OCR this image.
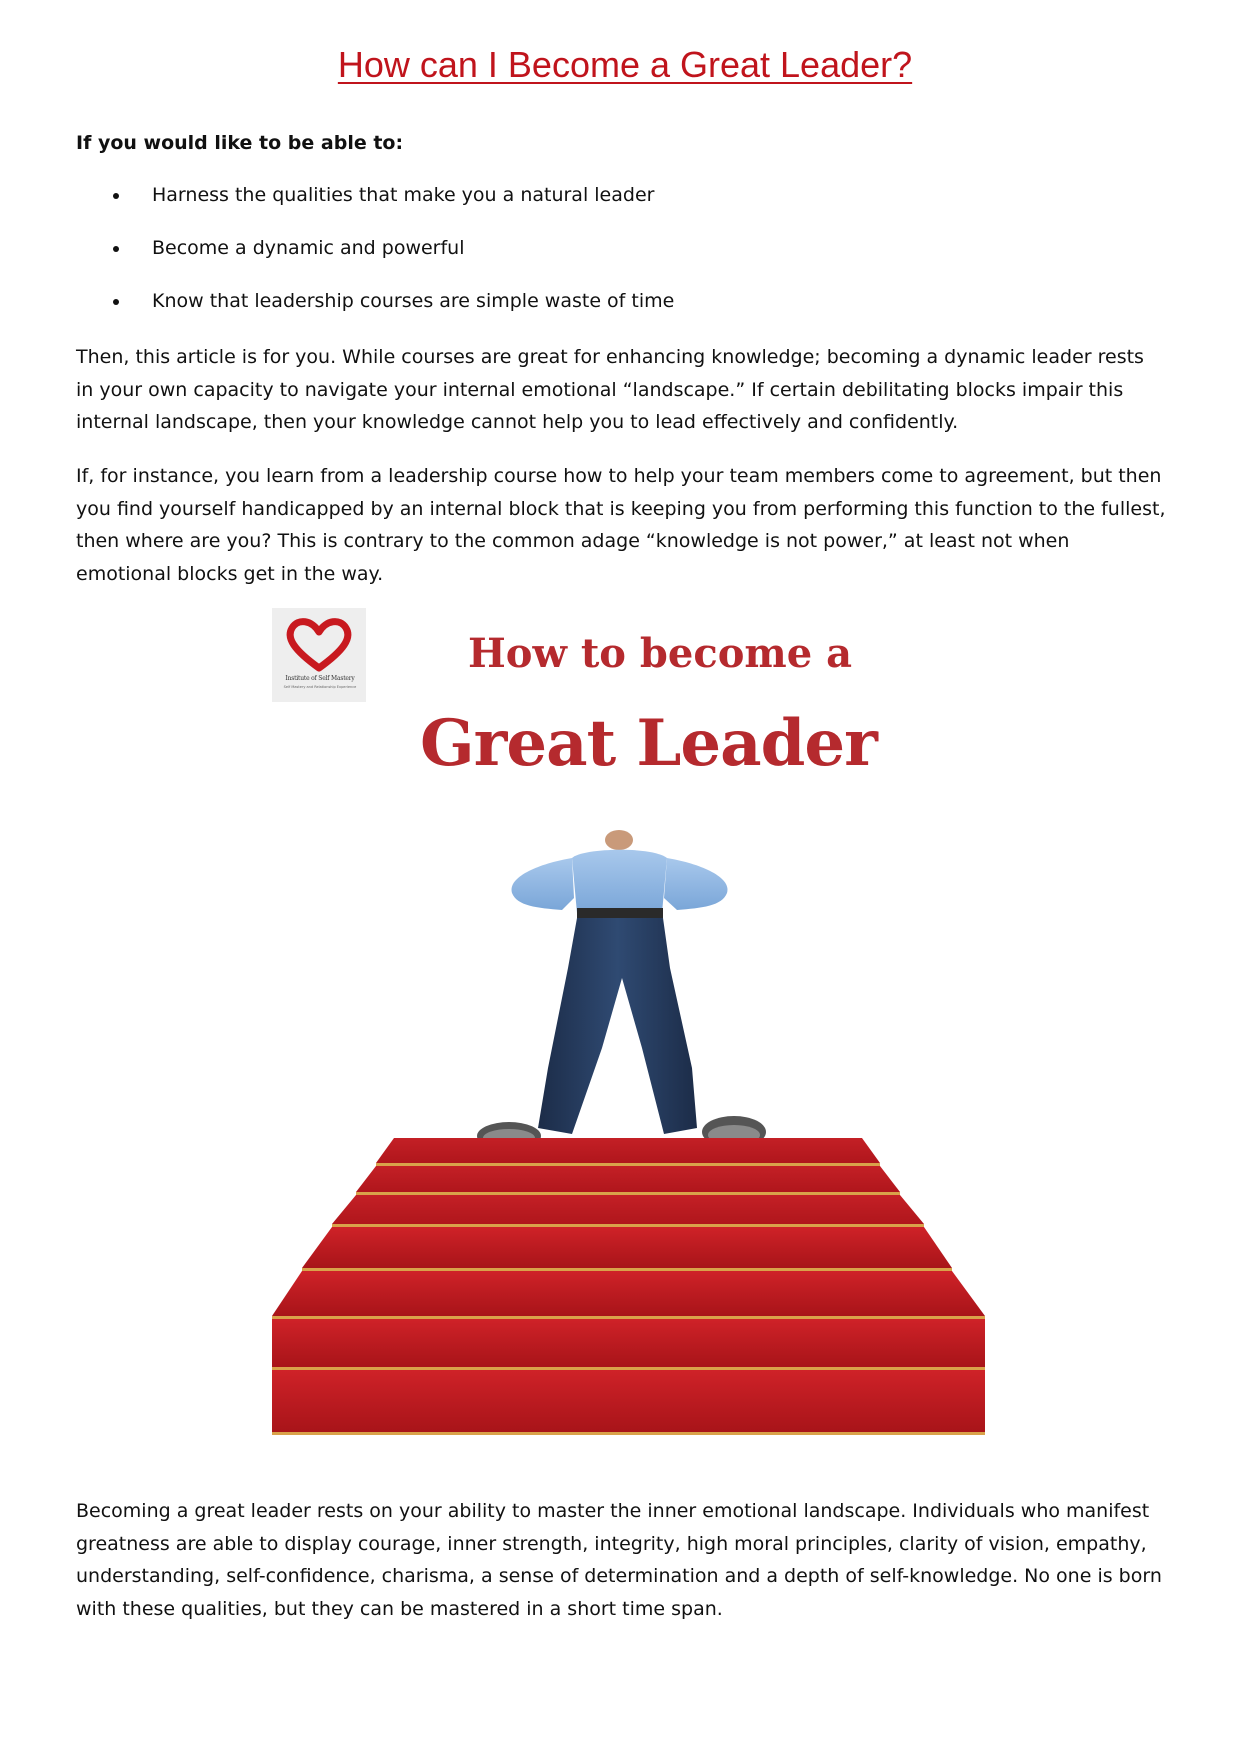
How can I Become a Great Leader?

If you would like to be able to:

Harness the qualities that make you a natural leader
Become a dynamic and powerful
Know that leadership courses are simple waste of time

Then, this article is for you. While courses are great for enhancing knowledge; becoming a dynamic leader rests in your own capacity to navigate your internal emotional “landscape.” If certain debilitating blocks impair this internal landscape, then your knowledge cannot help you to lead effectively and confidently.

If, for instance, you learn from a leadership course how to help your team members come to agreement, but then you find yourself handicapped by an internal block that is keeping you from performing this function to the fullest, then where are you? This is contrary to the common adage “knowledge is not power,” at least not when emotional blocks get in the way.

Institute of Self Mastery
Self Mastery and Relationship Experience
How to become a
Great Leader

Becoming a great leader rests on your ability to master the inner emotional landscape. Individuals who manifest greatness are able to display courage, inner strength, integrity, high moral principles, clarity of vision, empathy, understanding, self-confidence, charisma, a sense of determination and a depth of self-knowledge. No one is born with these qualities, but they can be mastered in a short time span.
